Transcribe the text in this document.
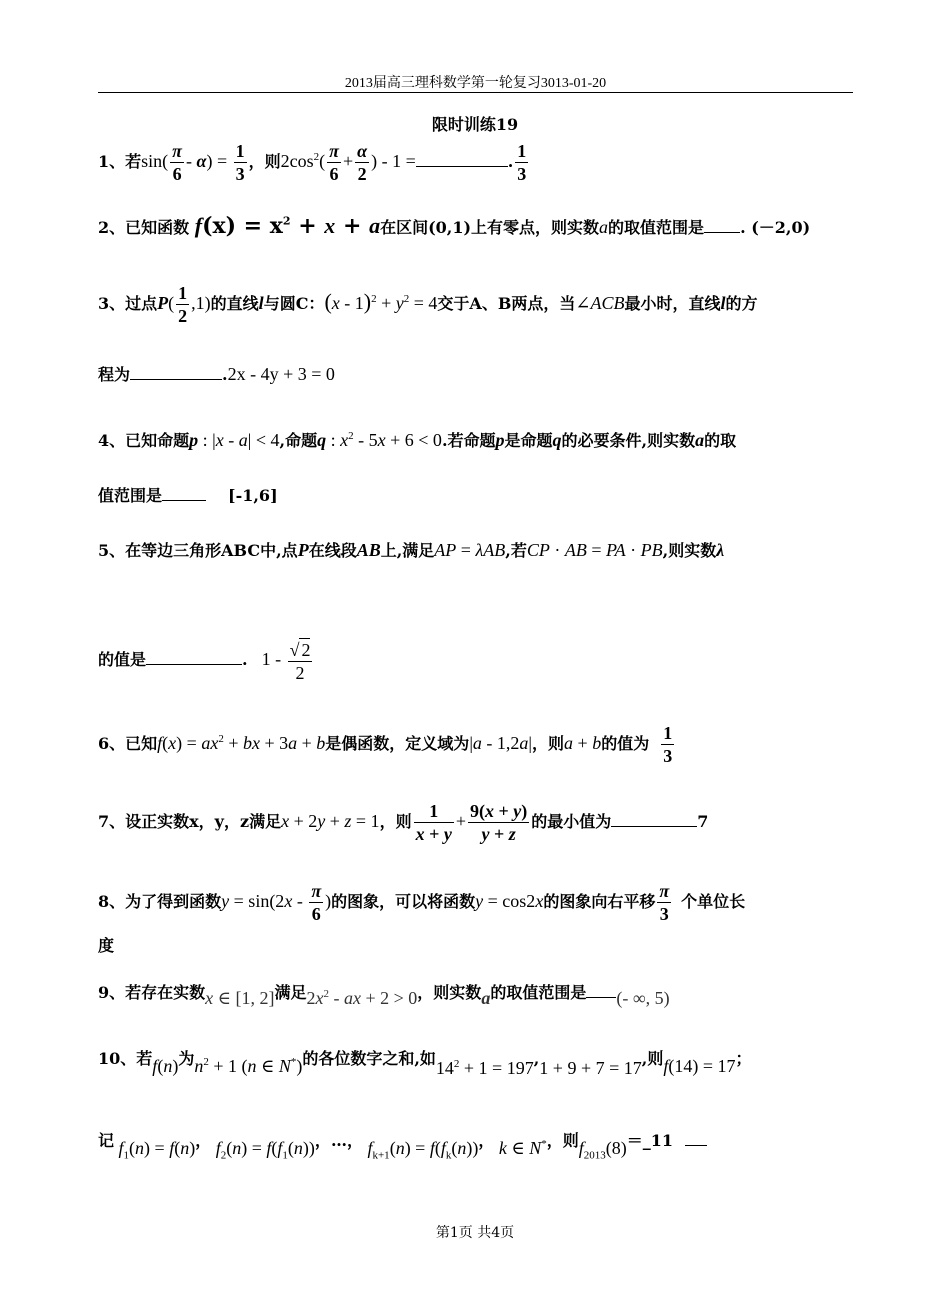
2013届高三理科数学第一轮复习3013-01-20
限时训练19
1、若$\sin( \frac{\pi}{6} - \alpha) = \frac{1}{3}$ ，则$2\cos^2( \frac{\pi}{6} + \frac{\alpha}{2}$ ) - 1 =	. $\frac{1}{3}$
2、已知函数 $f(x) = x^2 + x + a$在区间(0,1)上有零点，则实数a的取值范围是 . (－2,0)
3、过点$P( \frac{1}{2} ,1)$的直线l与圆C：$(x - 1)^2 + y^2 = 4$交于A、B两点，当∠ACB最小时，直线l的方
程为	.2x - 4y + 3 = 0
4、已知命题p : |x - a| < 4,命题q : $x^2 - 5x + 6 < 0$.若命题p是命题q的必要条件,则实数a的取
值范围是	[-1,6]
5、在等边三角形ABC中,点P在线段AB上,满足AP = λAB,若CP · AB = PA · PB,则实数λ
的值是	. $1 - \frac{√ 2}{2}$
6、已知$f(x) = ax^2$ + bx + 3a + b是偶函数，定义域为|a - 1,2a|，则a + b的值为 $\frac{1}{3}$
7、设正实数x，y，z满足x + 2y + z = 1，则 $\frac{1}{x + y} + \frac{9(x + y)}{y + z}$ 的最小值为	7
8、为了得到函数$y = \sin(2x - \frac{\pi}{6}$ )的图象，可以将函数y = cos2x的图象向右平移 $\frac{\pi}{3}$ 个单位长
度
9、若存在实数x ∈ [1, 2]满足$2x^2$ - ax + 2 > 0，则实数a的取值范围是 (- ∞, 5)
10、若f(n)为$n^2 + 1$ (n ∈ N*)的各位数字之和,如$14^2 + 1 = 197,1 + 9 + 7 = 17$,则f(14) = 17；
记 $f_1(n) = f(n)$， $f_2(n) = f(f_1(n))$，…， $f_{k+1}(n) = f(f_k(n))$， k ∈ N*，则$f_{2013}(8)=\_11$
第1页 共4页
